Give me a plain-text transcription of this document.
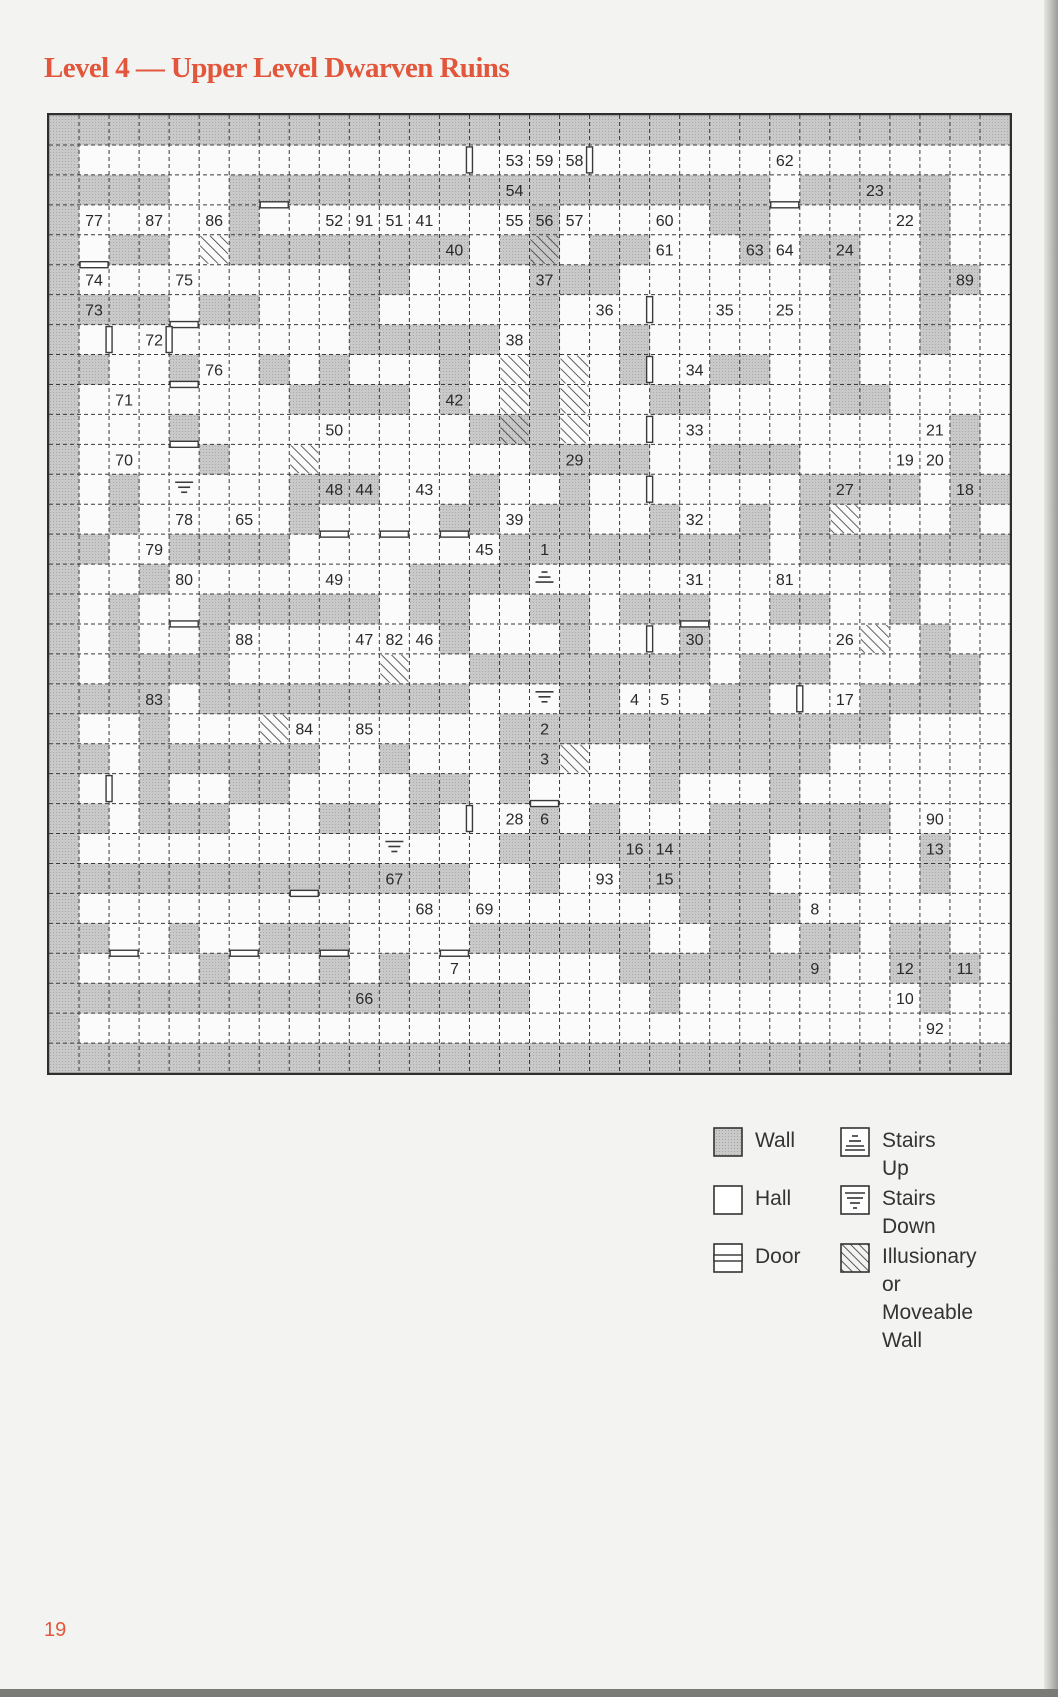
Level 4 — Upper Level Dwarven Ruins
53 59 58	62
54	23
77	87	86	52 91 51 41	55 56 57	60	22
40	61	63 64	24
74	75	37	89
73	36	35	25
72	38
76	34
71	42
50	33	21
70	29	19 20
48 44	43	27	18
78	65	39	32
79	45	1
80	49	31	81
88	47 82 46	30	26
83	4 5	17
84	85	2
3
28 6	90
16 14	13
67	93	15
68	69	8
7	9	12	11
66	10
92
Wall	Stairs Up
Hall	Stairs Down
Door	Illusionary or
Moveable Wall
19
